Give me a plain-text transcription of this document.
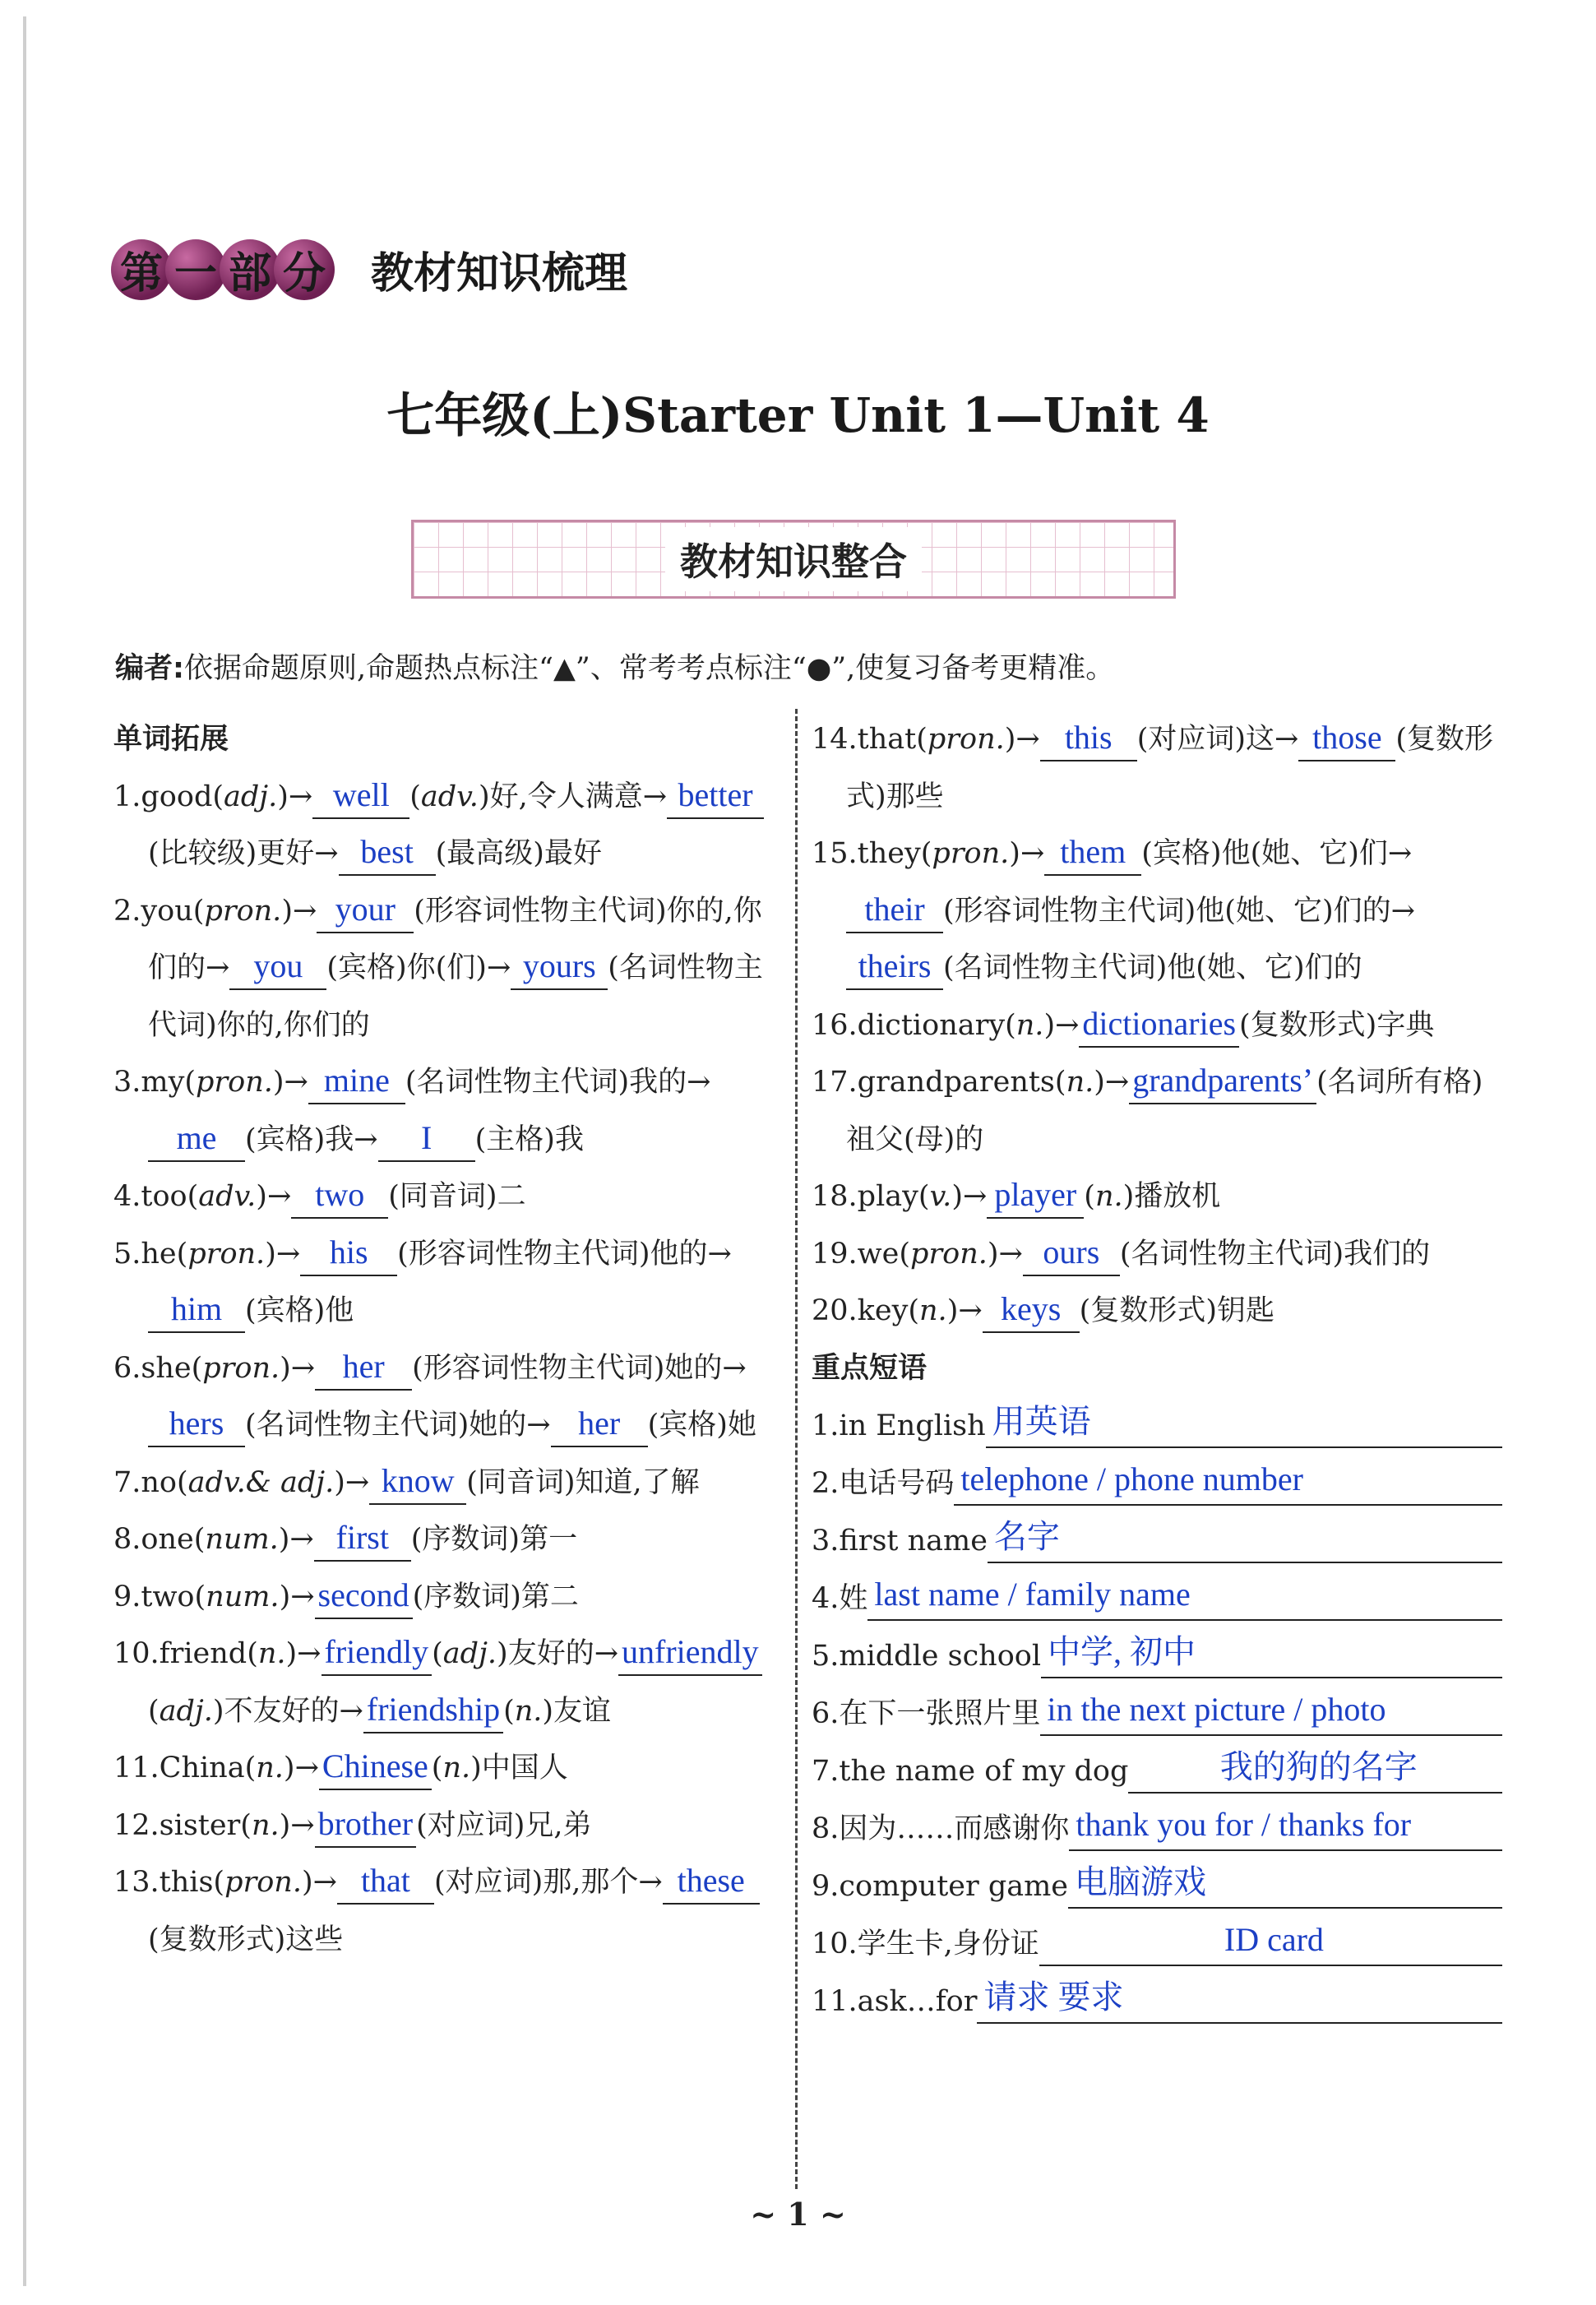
第 一 部 分 教材知识梳理
七年级(上)Starter Unit 1—Unit 4
教材知识整合
编者:依据命题原则,命题热点标注“▲”、常考考点标注“●”,使复习备考更精准。
单词拓展
1.good(adj.)→ well (adv.)好,令人满意→ better(比较级)更好→ best (最高级)最好
2.you(pron.)→ your (形容词性物主代词)你的,你们的→ you (宾格)你(们)→ yours (名词性物主代词)你的,你们的
3.my(pron.)→ mine (名词性物主代词)我的→me (宾格)我→ I (主格)我
4.too(adv.)→ two (同音词)二
5.he(pron.)→ his (形容词性物主代词)他的→him (宾格)他
6.she(pron.)→ her (形容词性物主代词)她的→hers (名词性物主代词)她的→ her (宾格)她
7.no(adv.& adj.)→ know (同音词)知道,了解
8.one(num.)→ first (序数词)第一
9.two(num.)→ second (序数词)第二
10.friend(n.)→ friendly (adj.)友好的→ unfriendly(adj.)不友好的→ friendship (n.)友谊
11.China(n.)→ Chinese (n.)中国人
12.sister(n.)→ brother (对应词)兄,弟
13.this(pron.)→ that (对应词)那,那个→ these(复数形式)这些
14.that(pron.)→ this (对应词)这→ those (复数形式)那些
15.they(pron.)→ them (宾格)他(她、它)们→their (形容词性物主代词)他(她、它)们的→theirs (名词性物主代词)他(她、它)们的
16.dictionary(n.)→ dictionaries (复数形式)字典
17.grandparents(n.)→ grandparents’ (名词所有格)祖父(母)的
18.play(v.)→ player (n.)播放机
19.we(pron.)→ ours (名词性物主代词)我们的
20.key(n.)→ keys (复数形式)钥匙
重点短语
1.in English 用英语
2.电话号码 telephone / phone number
3.first name 名字
4.姓 last name / family name
5.middle school 中学, 初中
6.在下一张照片里 in the next picture / photo
7.the name of my dog	我的狗的名字
8.因为……而感谢你 thank you for / thanks for
9.computer game 电脑游戏
10.学生卡,身份证	ID card
11.ask…for 请求 要求
~ 1 ~
